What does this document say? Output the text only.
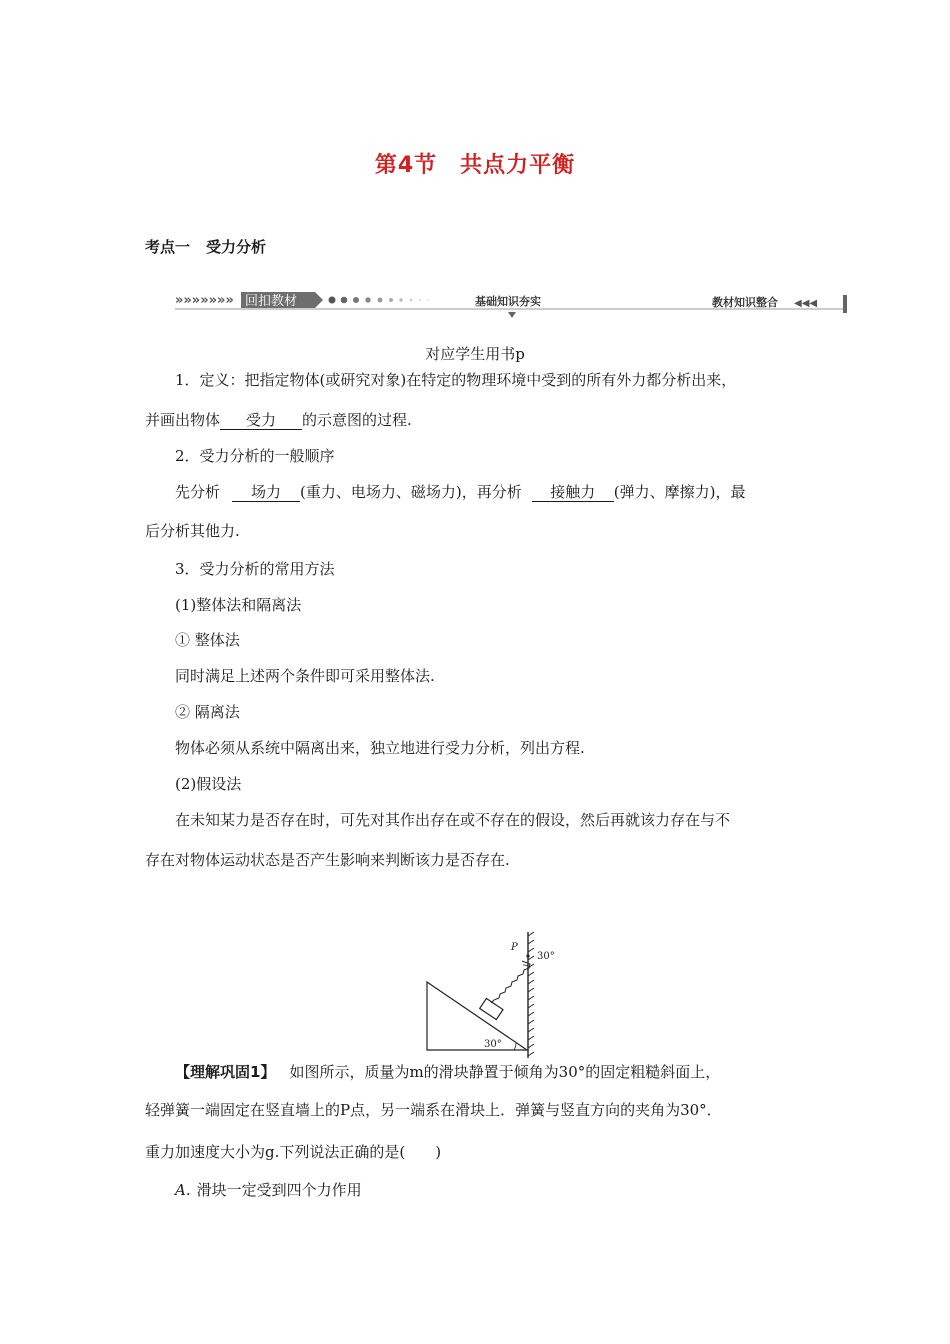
第4节　共点力平衡
考点一 受力分析
»»»»»»» 回扣教材	基础知识夯实	教材知识整合 ◀◀◀
对应学生用书p
1．定义：把指定物体(或研究对象)在特定的物理环境中受到的所有外力都分析出来，
并画出物体 受力 的示意图的过程.
2．受力分析的一般顺序
先分析 场力 (重力、电场力、磁场力)，再分析 接触力 (弹力、摩擦力)，最
后分析其他力.
3．受力分析的常用方法
(1)整体法和隔离法
① 整体法
同时满足上述两个条件即可采用整体法.
② 隔离法
物体必须从系统中隔离出来，独立地进行受力分析，列出方程.
(2)假设法
在未知某力是否存在时，可先对其作出存在或不存在的假设，然后再就该力存在与不
存在对物体运动状态是否产生影响来判断该力是否存在.
P
30°
30°
【理解巩固1】 如图所示，质量为m的滑块静置于倾角为30°的固定粗糙斜面上，
轻弹簧一端固定在竖直墙上的P点，另一端系在滑块上．弹簧与竖直方向的夹角为30°．
重力加速度大小为g.下列说法正确的是(　　)
A. 滑块一定受到四个力作用
